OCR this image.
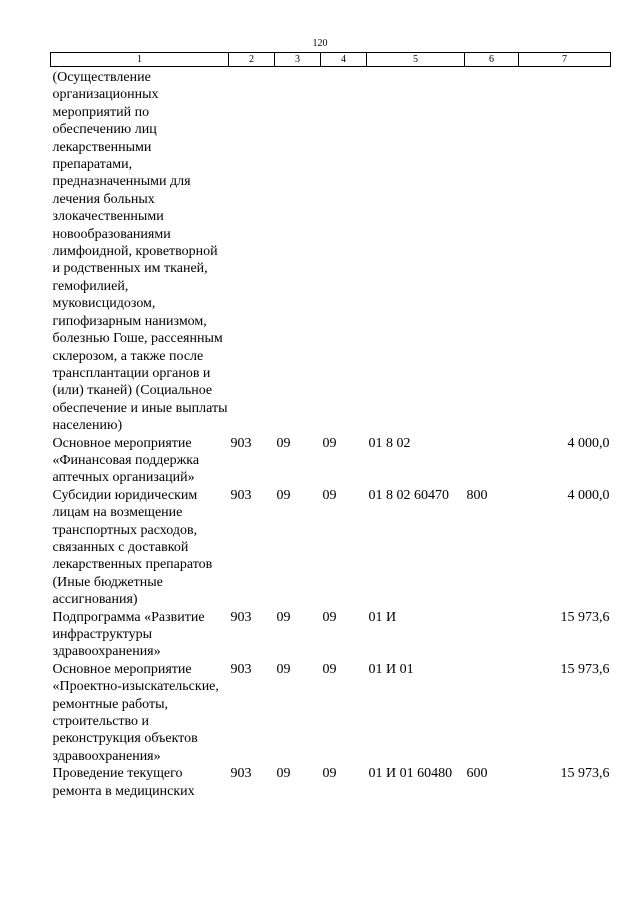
120
1	2	3	4	5	6	7
(Осуществление организационных мероприятий по обеспечению лиц лекарственными препаратами, предназначенными для лечения больных злокачественными новообразованиями лимфоидной, кроветворной и родственных им тканей, гемофилией, муковисцидозом, гипофизарным нанизмом, болезнью Гоше, рассеянным склерозом, а также после трансплантации органов и (или) тканей) (Социальное обеспечение и иные выплаты населению)						
Основное мероприятие «Финансовая поддержка аптечных организаций»	903	09	09	01 8 02		4 000,0
Субсидии юридическим лицам на возмещение транспортных расходов, связанных с доставкой лекарственных препаратов (Иные бюджетные ассигнования)	903	09	09	01 8 02 60470	800	4 000,0
Подпрограмма «Развитие инфраструктуры здравоохранения»	903	09	09	01 И		15 973,6
Основное мероприятие «Проектно-изыскательские, ремонтные работы, строительство и реконструкция объектов здравоохранения»	903	09	09	01 И 01		15 973,6
Проведение текущего ремонта в медицинских	903	09	09	01 И 01 60480	600	15 973,6
